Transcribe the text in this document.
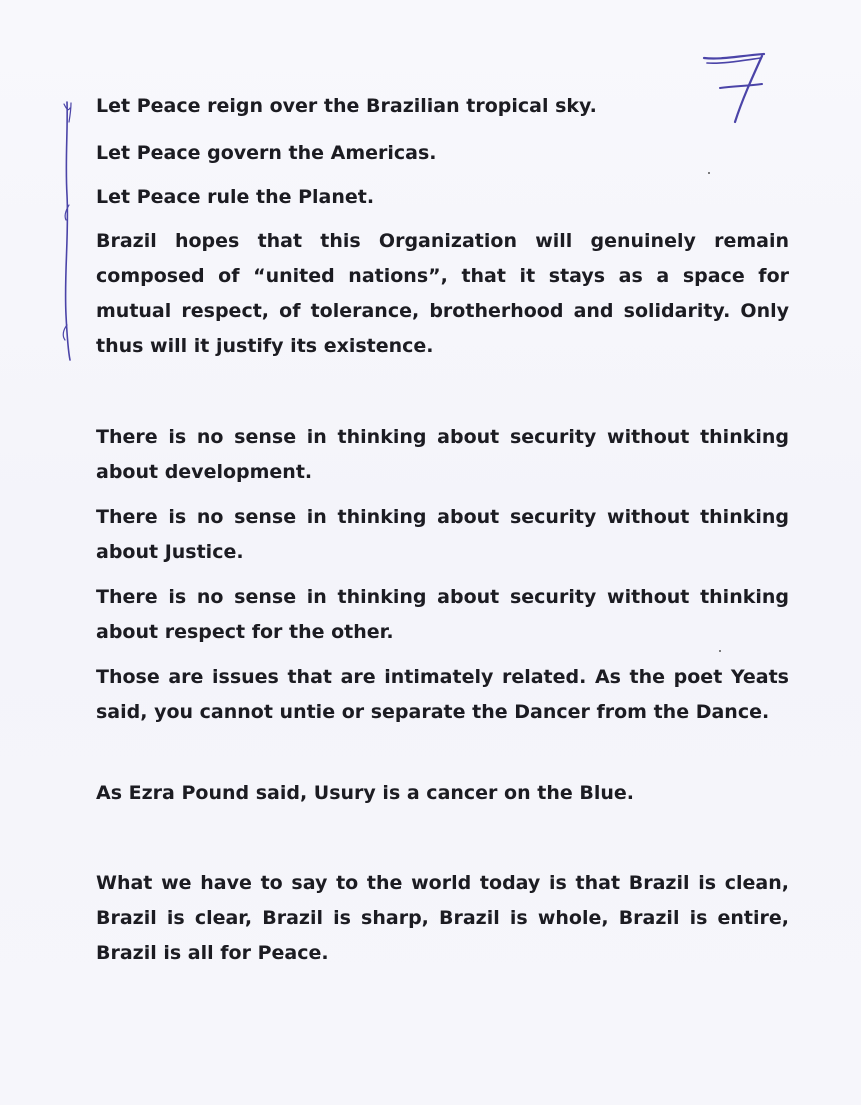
Let Peace reign over the Brazilian tropical sky.

Let Peace govern the Americas.

Let Peace rule the Planet.

Brazil hopes that this Organization will genuinely remain composed of “united nations”, that it stays as a space for mutual respect, of tolerance, brotherhood and solidarity. Only thus will it justify its existence.

There is no sense in thinking about security without thinking about development.

There is no sense in thinking about security without thinking about Justice.

There is no sense in thinking about security without thinking about respect for the other.

Those are issues that are intimately related. As the poet Yeats said, you cannot untie or separate the Dancer from the Dance.

As Ezra Pound said, Usury is a cancer on the Blue.

What we have to say to the world today is that Brazil is clean, Brazil is clear, Brazil is sharp, Brazil is whole, Brazil is entire, Brazil is all for Peace.
